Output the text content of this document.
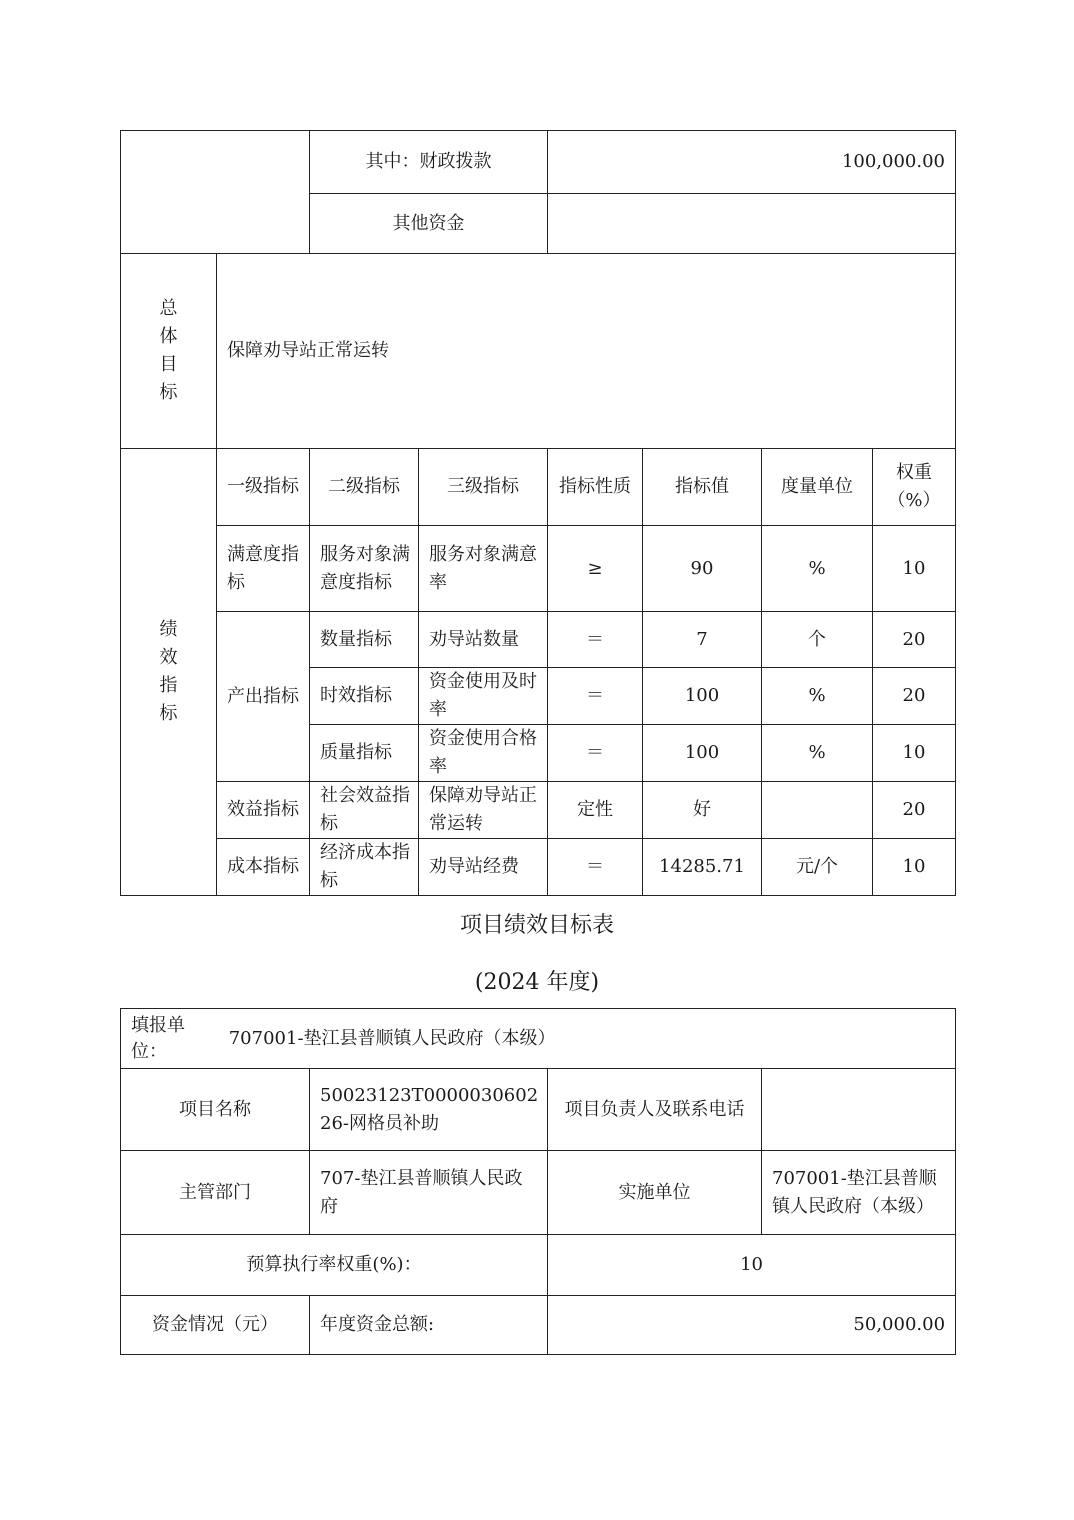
		其中：财政拨款		100,000.00			
		其他资金					
总
体
目
标	保障劝导站正常运转						
绩
效
指
标	一级指标	二级指标	三级指标	指标性质	指标值	度量单位	权重（%）
	满意度指标	服务对象满意度指标	服务对象满意率	≥	90	%	10
	产出指标	数量指标	劝导站数量	＝	7	个	20
		时效指标	资金使用及时率	＝	100	%	20
		质量指标	资金使用合格率	＝	100	%	10
	效益指标	社会效益指标	保障劝导站正常运转	定性	好		20
	成本指标	经济成本指标	劝导站经费	＝	14285.71	元/个	10
项目绩效目标表
(2024 年度)
填报单位： 707001-垫江县普顺镇人民政府（本级）			
项目名称	50023123T000003060226-网格员补助	项目负责人及联系电话	
主管部门	707-垫江县普顺镇人民政府	实施单位	707001-垫江县普顺镇人民政府（本级）
预算执行率权重(%)：		10	
资金情况（元）	年度资金总额:	50,000.00	
